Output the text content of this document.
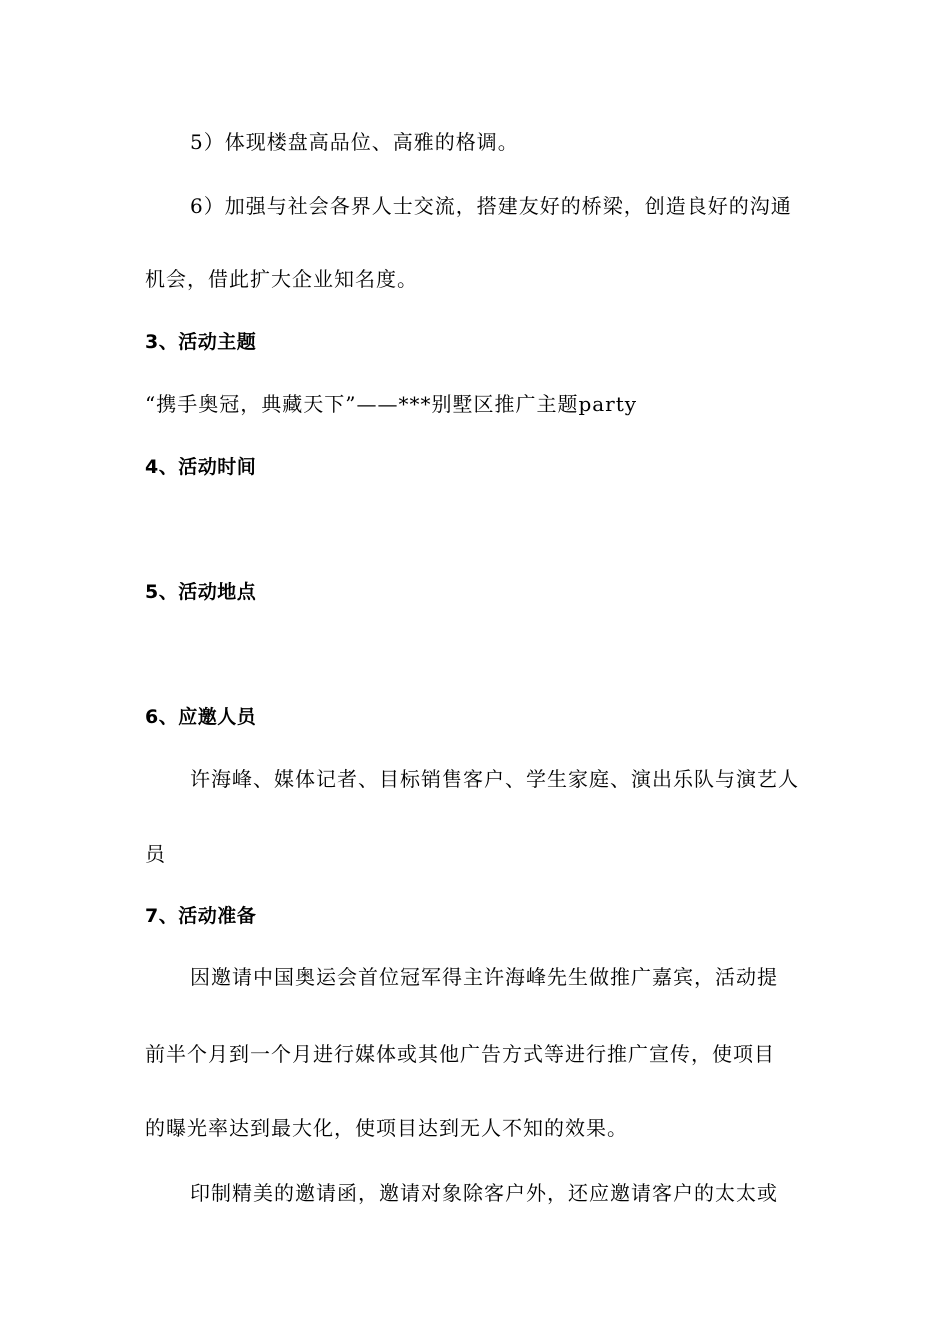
5）体现楼盘高品位、高雅的格调。
6）加强与社会各界人士交流，搭建友好的桥梁，创造良好的沟通
机会，借此扩大企业知名度。
3、活动主题
“携手奥冠，典藏天下”——***别墅区推广主题party
4、活动时间
5、活动地点
6、应邀人员
许海峰、媒体记者、目标销售客户、学生家庭、演出乐队与演艺人
员
7、活动准备
因邀请中国奥运会首位冠军得主许海峰先生做推广嘉宾，活动提
前半个月到一个月进行媒体或其他广告方式等进行推广宣传，使项目
的曝光率达到最大化，使项目达到无人不知的效果。
印制精美的邀请函，邀请对象除客户外，还应邀请客户的太太或
